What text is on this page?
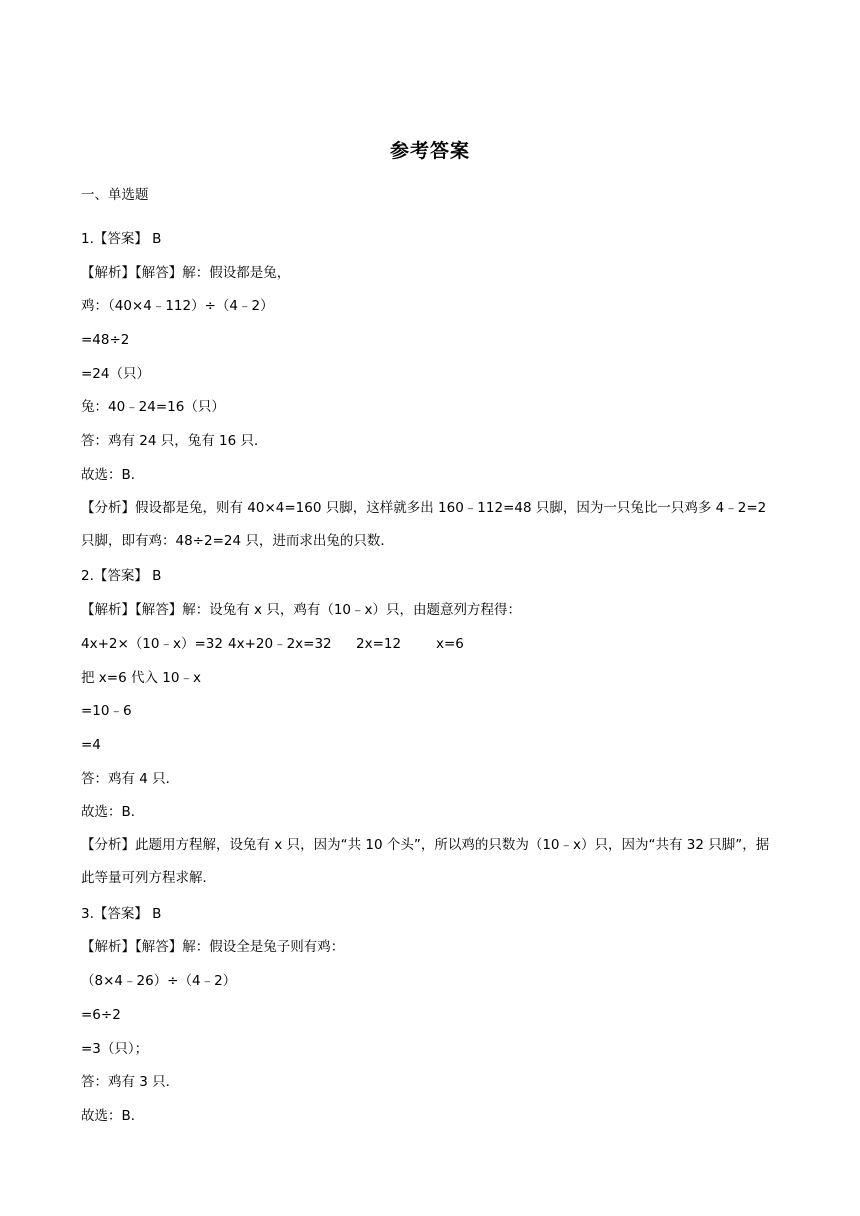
参考答案
一、单选题
1.【答案】 B
【解析】【解答】解：假设都是兔，
鸡：（40×4﹣112）÷（4﹣2）
=48÷2
=24（只）
兔：40﹣24=16（只）
答：鸡有 24 只，兔有 16 只．
故选：B．
【分析】假设都是兔，则有 40×4=160 只脚，这样就多出 160﹣112=48 只脚，因为一只兔比一只鸡多 4﹣2=2 只脚，即有鸡：48÷2=24 只，进而求出兔的只数．
2.【答案】 B
【解析】【解答】解：设兔有 x 只，鸡有（10﹣x）只，由题意列方程得：
4x+2×（10﹣x）=32 4x+20﹣2x=32 2x=12	x=6
把 x=6 代入 10﹣x
=10﹣6
=4
答：鸡有 4 只．
故选：B．
【分析】此题用方程解，设兔有 x 只，因为“共 10 个头”，所以鸡的只数为（10﹣x）只，因为“共有 32 只脚”，据此等量可列方程求解．
3.【答案】 B
【解析】【解答】解：假设全是兔子则有鸡：
（8×4﹣26）÷（4﹣2）
=6÷2
=3（只）；
答：鸡有 3 只．
故选：B．
